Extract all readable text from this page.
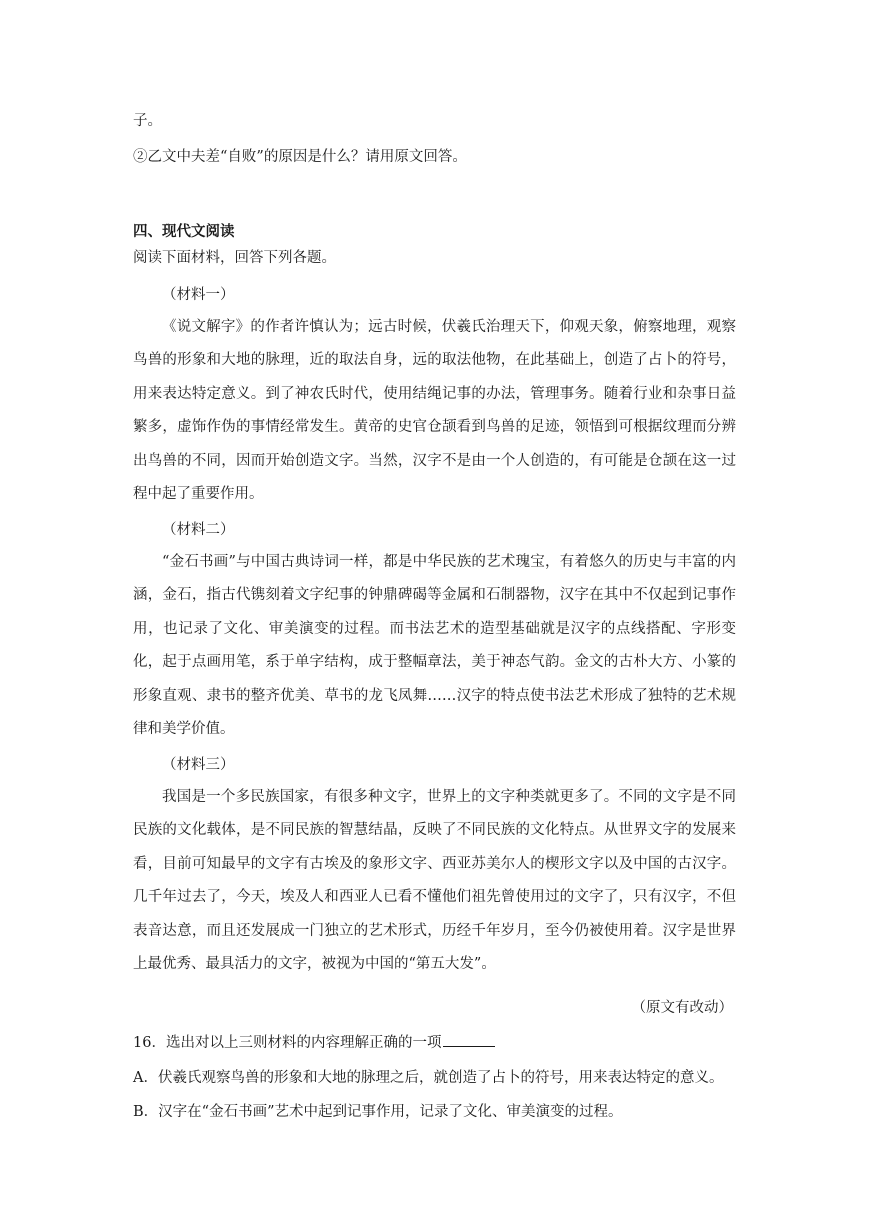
子。
②乙文中夫差“自败”的原因是什么？请用原文回答。
四、现代文阅读
阅读下面材料，回答下列各题。
（材料一）
《说文解字》的作者许慎认为；远古时候，伏羲氏治理天下，仰观天象，俯察地理，观察鸟兽的形象和大地的脉理，近的取法自身，远的取法他物，在此基础上，创造了占卜的符号，用来表达特定意义。到了神农氏时代，使用结绳记事的办法，管理事务。随着行业和杂事日益繁多，虚饰作伪的事情经常发生。黄帝的史官仓颉看到鸟兽的足迹，领悟到可根据纹理而分辨出鸟兽的不同，因而开始创造文字。当然，汉字不是由一个人创造的，有可能是仓颉在这一过程中起了重要作用。
（材料二）
“金石书画”与中国古典诗词一样，都是中华民族的艺术瑰宝，有着悠久的历史与丰富的内涵，金石，指古代镌刻着文字纪事的钟鼎碑碣等金属和石制器物，汉字在其中不仅起到记事作用，也记录了文化、审美演变的过程。而书法艺术的造型基础就是汉字的点线搭配、字形变化，起于点画用笔，系于单字结构，成于整幅章法，美于神态气韵。金文的古朴大方、小篆的形象直观、隶书的整齐优美、草书的龙飞凤舞……汉字的特点使书法艺术形成了独特的艺术规律和美学价值。
（材料三）
我国是一个多民族国家，有很多种文字，世界上的文字种类就更多了。不同的文字是不同民族的文化载体，是不同民族的智慧结晶，反映了不同民族的文化特点。从世界文字的发展来看，目前可知最早的文字有古埃及的象形文字、西亚苏美尔人的楔形文字以及中国的古汉字。几千年过去了，今天，埃及人和西亚人已看不懂他们祖先曾使用过的文字了，只有汉字，不但表音达意，而且还发展成一门独立的艺术形式，历经千年岁月，至今仍被使用着。汉字是世界上最优秀、最具活力的文字，被视为中国的“第五大发”。
（原文有改动）
16．选出对以上三则材料的内容理解正确的一项
A．伏羲氏观察鸟兽的形象和大地的脉理之后，就创造了占卜的符号，用来表达特定的意义。
B．汉字在“金石书画”艺术中起到记事作用，记录了文化、审美演变的过程。
